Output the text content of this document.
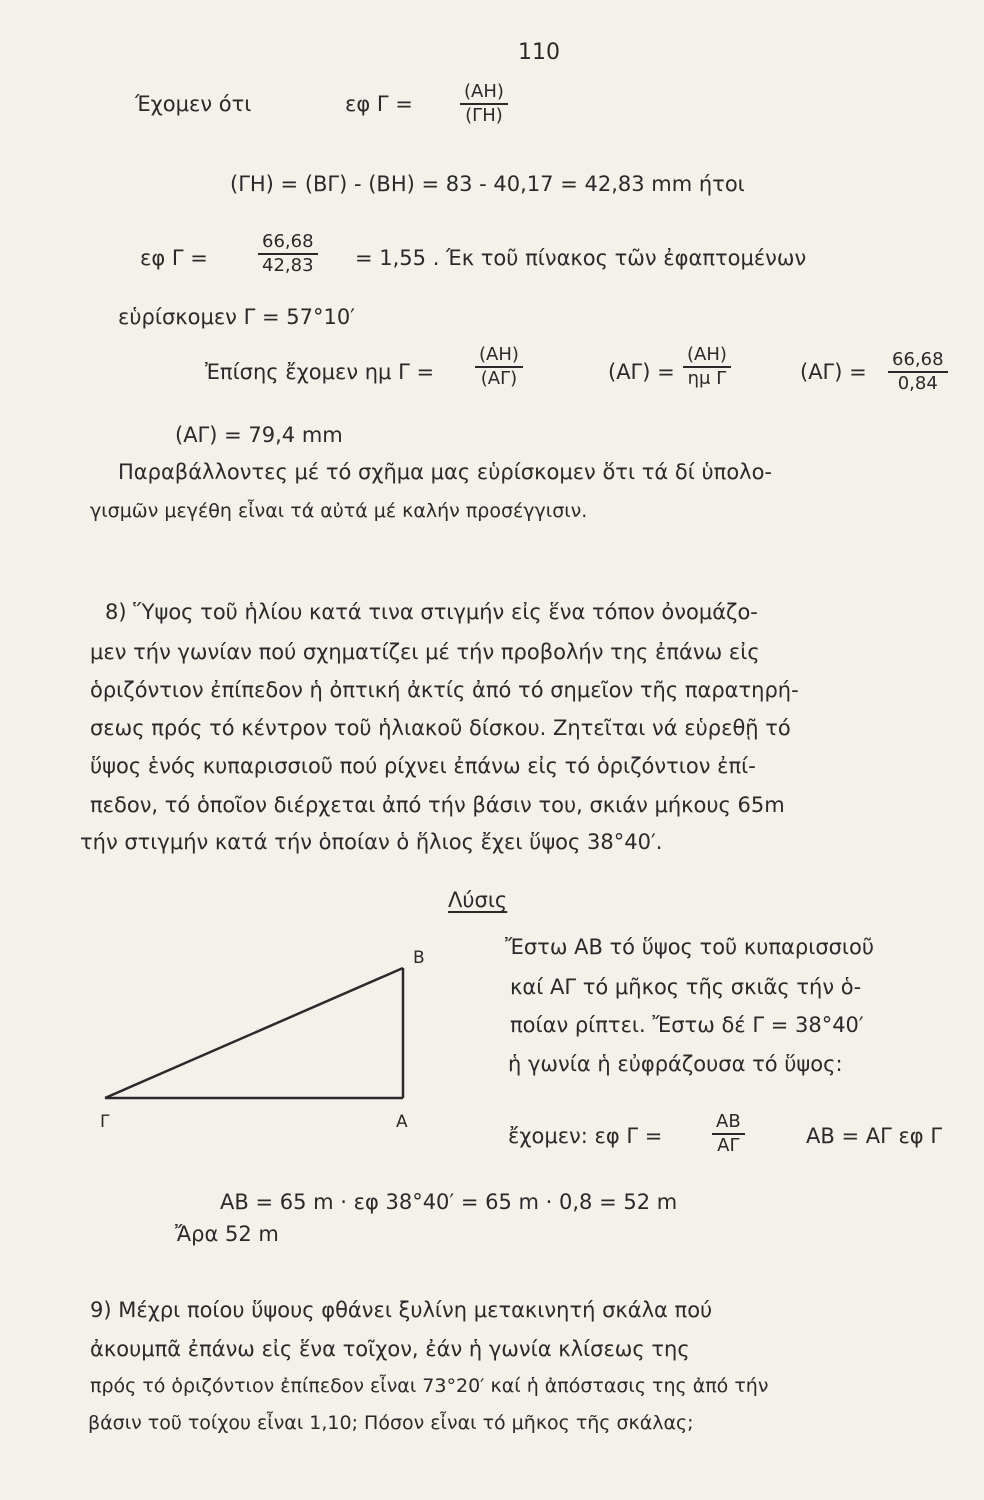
110
Έχομεν ότι	εφ Γ =	$\frac{(AH)}{(\Gamma H)}$
(ΓΗ) = (ΒΓ) - (ΒΗ) = 83 - 40,17 = 42,83 mm ήτοι
εφ Γ =	$\frac{66,68}{42,83} = 1,55$ . Έκ τοῦ πίνακος τῶν ἐφαπτομένων
εὑρίσκομεν Γ = 57°10′
Ἐπίσης ἔχομεν ημ $\Gamma = \frac{(AH)}{(A\Gamma)}$	$(A\Gamma) = \frac{(AH)}{\text{ημ Γ}}$	$(A\Gamma) = \frac{66,68}{0,84}$
(ΑΓ) = 79,4 mm
Παραβάλλοντες μέ τό σχῆμα μας εὑρίσκομεν ὅτι τά δί ὑπολο-
γισμῶν μεγέθη εἶναι τά αὐτά μέ καλήν προσέγγισιν.
8) Ὕψος τοῦ ἡλίου κατά τινα στιγμήν εἰς ἕνα τόπον ὀνομάζο-
μεν τήν γωνίαν πού σχηματίζει μέ τήν προβολήν της ἐπάνω εἰς
ὁριζόντιον ἐπίπεδον ἡ ὀπτική ἀκτίς ἀπό τό σημεῖον τῆς παρατηρή-
σεως πρός τό κέντρον τοῦ ἡλιακοῦ δίσκου. Ζητεῖται νά εὑρεθῇ τό
ὕψος ἑνός κυπαρισσιοῦ πού ρίχνει ἐπάνω εἰς τό ὁριζόντιον ἐπί-
πεδον, τό ὁποῖον διέρχεται ἀπό τήν βάσιν του, σκιάν μήκους 65m
τήν στιγμήν κατά τήν ὁποίαν ὁ ἥλιος ἔχει ὕψος 38°40′.
Λύσις
Β
Γ	Α
Ἔστω ΑΒ τό ὕψος τοῦ κυπαρισσιοῦ
καί ΑΓ τό μῆκος τῆς σκιᾶς τήν ὁ-
ποίαν ρίπτει. Ἔστω δέ Γ = 38°40′
ἡ γωνία ἡ εὐφράζουσα τό ὕψος:
ἔχομεν: εφ Γ =	$\frac{AB}{A\Gamma}$	ΑΒ = ΑΓ εφ Γ
ΑΒ = 65 m · εφ 38°40′ = 65 m · 0,8 = 52 m
Ἄρα 52 m
9) Μέχρι ποίου ὕψους φθάνει ξυλίνη μετακινητή σκάλα πού
ἀκουμπᾶ ἐπάνω εἰς ἕνα τοῖχον, ἐάν ἡ γωνία κλίσεως της
πρός τό ὁριζόντιον ἐπίπεδον εἶναι 73°20′ καί ἡ ἀπόστασις της ἀπό τήν
βάσιν τοῦ τοίχου εἶναι 1,10; Πόσον εἶναι τό μῆκος τῆς σκάλας;
